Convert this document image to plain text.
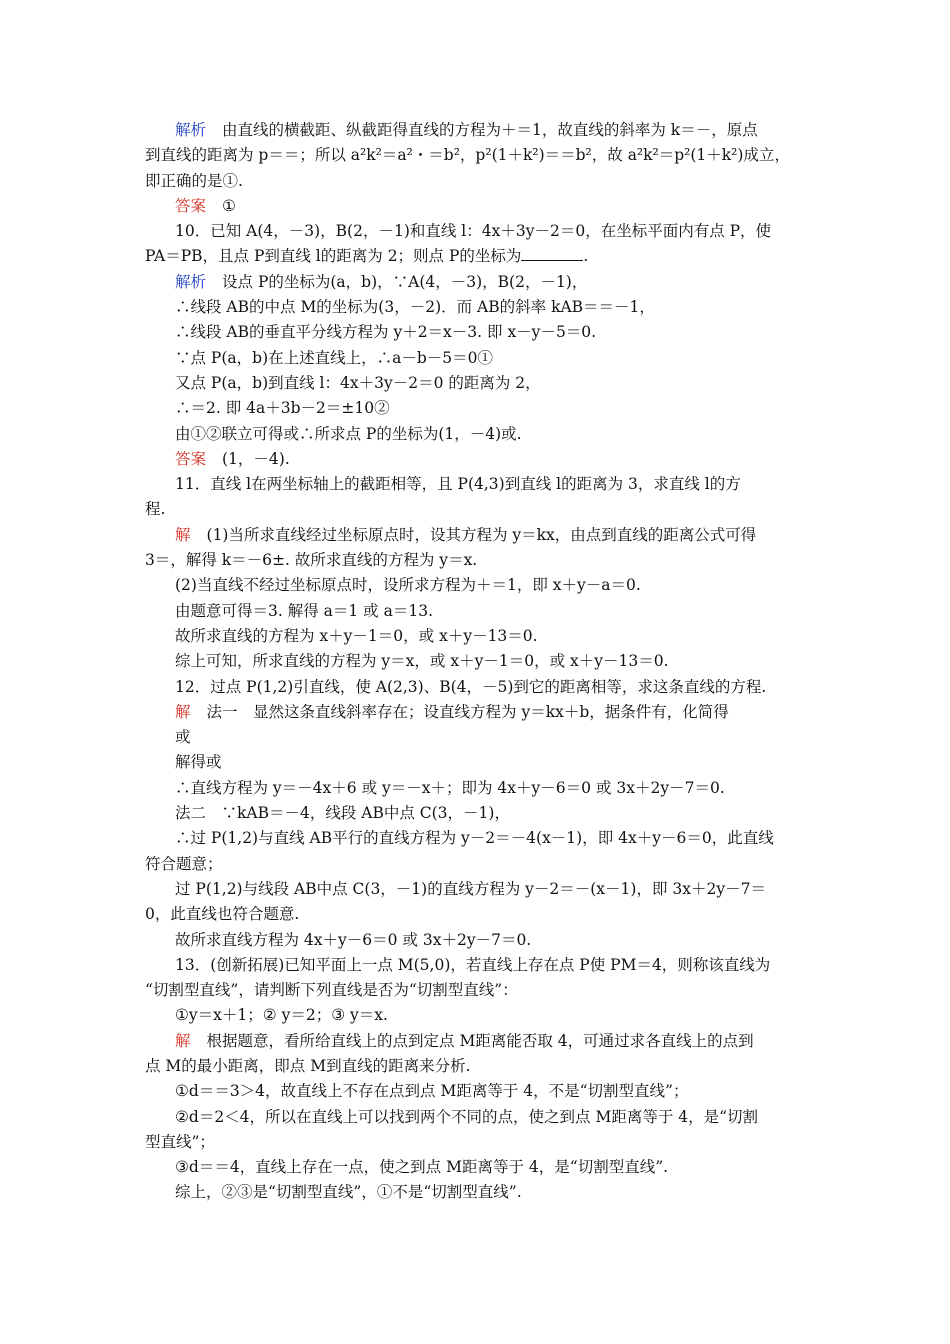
解析 由直线的横截距、纵截距得直线的方程为＋＝1，故直线的斜率为 k＝－，原点
到直线的距离为 p＝＝；所以 a²k²＝a²・＝b²，p²(1＋k²)＝＝b²，故 a²k²＝p²(1＋k²)成立，
即正确的是①.
答案 ①
10．已知 A(4，－3)，B(2，－1)和直线 l：4x＋3y－2＝0，在坐标平面内有点 P，使
PA＝PB，且点 P到直线 l的距离为 2；则点 P的坐标为	.
解析 设点 P的坐标为(a，b)，∵A(4，－3)，B(2，－1)，
∴线段 AB的中点 M的坐标为(3，－2)．而 AB的斜率 kAB＝＝－1，
∴线段 AB的垂直平分线方程为 y＋2＝x－3. 即 x－y－5＝0.
∵点 P(a，b)在上述直线上，∴a－b－5＝0①
又点 P(a，b)到直线 l：4x＋3y－2＝0 的距离为 2，
∴＝2. 即 4a＋3b－2＝±10②
由①②联立可得或∴所求点 P的坐标为(1，－4)或.
答案 (1，－4).
11．直线 l在两坐标轴上的截距相等，且 P(4,3)到直线 l的距离为 3，求直线 l的方
程.
解 (1)当所求直线经过坐标原点时，设其方程为 y＝kx，由点到直线的距离公式可得
3＝，解得 k＝－6±. 故所求直线的方程为 y＝x.
(2)当直线不经过坐标原点时，设所求方程为＋＝1，即 x＋y－a＝0.
由题意可得＝3. 解得 a＝1 或 a＝13.
故所求直线的方程为 x＋y－1＝0，或 x＋y－13＝0.
综上可知，所求直线的方程为 y＝x，或 x＋y－1＝0，或 x＋y－13＝0.
12．过点 P(1,2)引直线，使 A(2,3)、B(4，－5)到它的距离相等，求这条直线的方程.
解 法一　显然这条直线斜率存在；设直线方程为 y＝kx＋b，据条件有，化简得
或
解得或
∴直线方程为 y＝－4x＋6 或 y＝－x＋；即为 4x＋y－6＝0 或 3x＋2y－7＝0.
法二　∵kAB＝－4，线段 AB中点 C(3，－1)，
∴过 P(1,2)与直线 AB平行的直线方程为 y－2＝－4(x－1)，即 4x＋y－6＝0，此直线
符合题意；
过 P(1,2)与线段 AB中点 C(3，－1)的直线方程为 y－2＝－(x－1)，即 3x＋2y－7＝
0，此直线也符合题意.
故所求直线方程为 4x＋y－6＝0 或 3x＋2y－7＝0.
13．(创新拓展)已知平面上一点 M(5,0)，若直线上存在点 P使 PM＝4，则称该直线为
“切割型直线”，请判断下列直线是否为“切割型直线”：
①y＝x＋1；② y＝2；③ y＝x.
解 根据题意，看所给直线上的点到定点 M距离能否取 4，可通过求各直线上的点到
点 M的最小距离，即点 M到直线的距离来分析.
①d＝＝3＞4，故直线上不存在点到点 M距离等于 4，不是“切割型直线”；
②d＝2＜4，所以在直线上可以找到两个不同的点，使之到点 M距离等于 4，是“切割
型直线”；
③d＝＝4，直线上存在一点，使之到点 M距离等于 4，是“切割型直线”.
综上，②③是“切割型直线”，①不是“切割型直线”.
